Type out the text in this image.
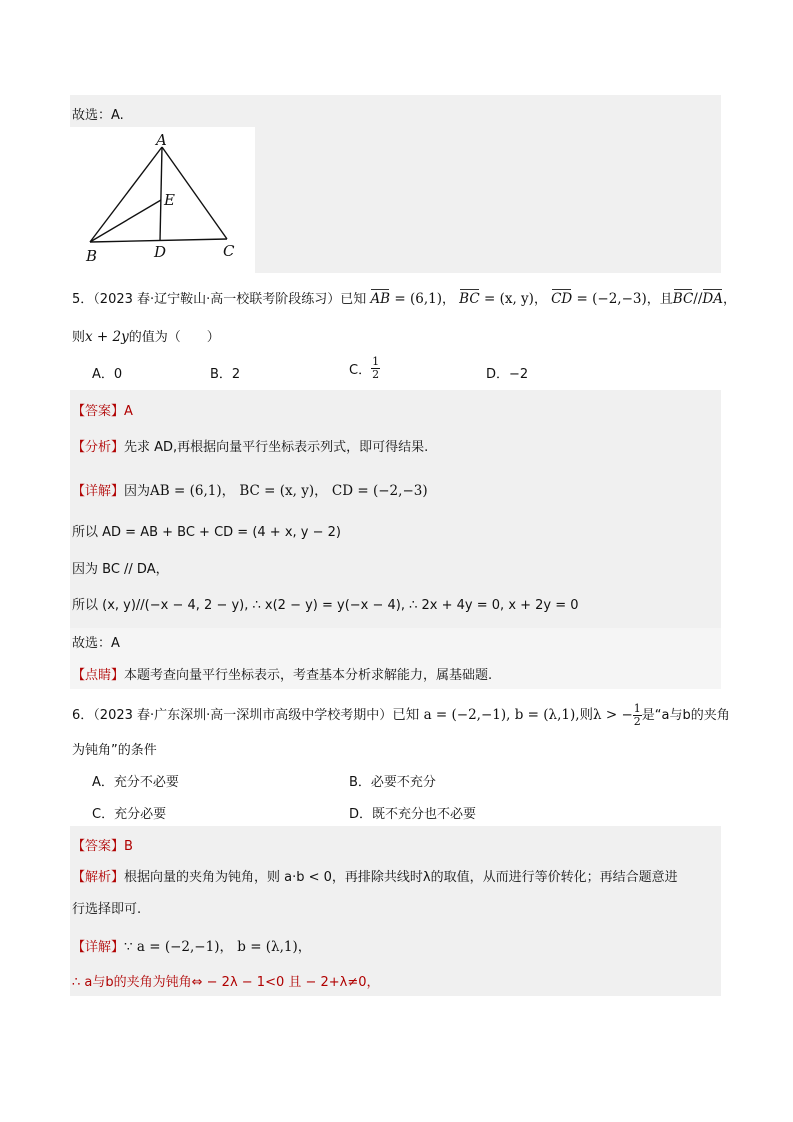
故选：A.
A
B	C
D
E
5．（2023 春·辽宁鞍山·高一校联考阶段练习）已知 AB = (6,1)， BC = (x, y)， CD = (−2,−3)，且BC//DA，
则x + 2y的值为（　　）
A．0	B．2	C． $\frac{1}{2}$	D．−2
【答案】A
【分析】先求 AD,再根据向量平行坐标表示列式，即可得结果.
【详解】因为AB = (6,1)， BC = (x, y)， CD = (−2,−3)
所以 AD = AB + BC + CD = (4 + x, y − 2)
因为 BC // DA，
所以 (x, y)//(−x − 4, 2 − y), ∴ x(2 − y) = y(−x − 4), ∴ 2x + 4y = 0, x + 2y = 0
故选：A
【点睛】本题考查向量平行坐标表示，考查基本分析求解能力，属基础题.
6．（2023 春·广东深圳·高一深圳市高级中学校考期中）已知 a = (−2,−1), b = (λ,1),则λ > − $\frac{1}{2}$ 是“a与b的夹角
为钝角”的条件
A．充分不必要	B．必要不充分
C．充分必要	D．既不充分也不必要
【答案】B
【解析】根据向量的夹角为钝角，则 a·b < 0，再排除共线时λ的取值，从而进行等价转化；再结合题意进
行选择即可.
【详解】∵ a = (−2,−1)， b = (λ,1)，
∴ a与b的夹角为钝角⇔ − 2λ − 1<0 且 − 2+λ≠0，
